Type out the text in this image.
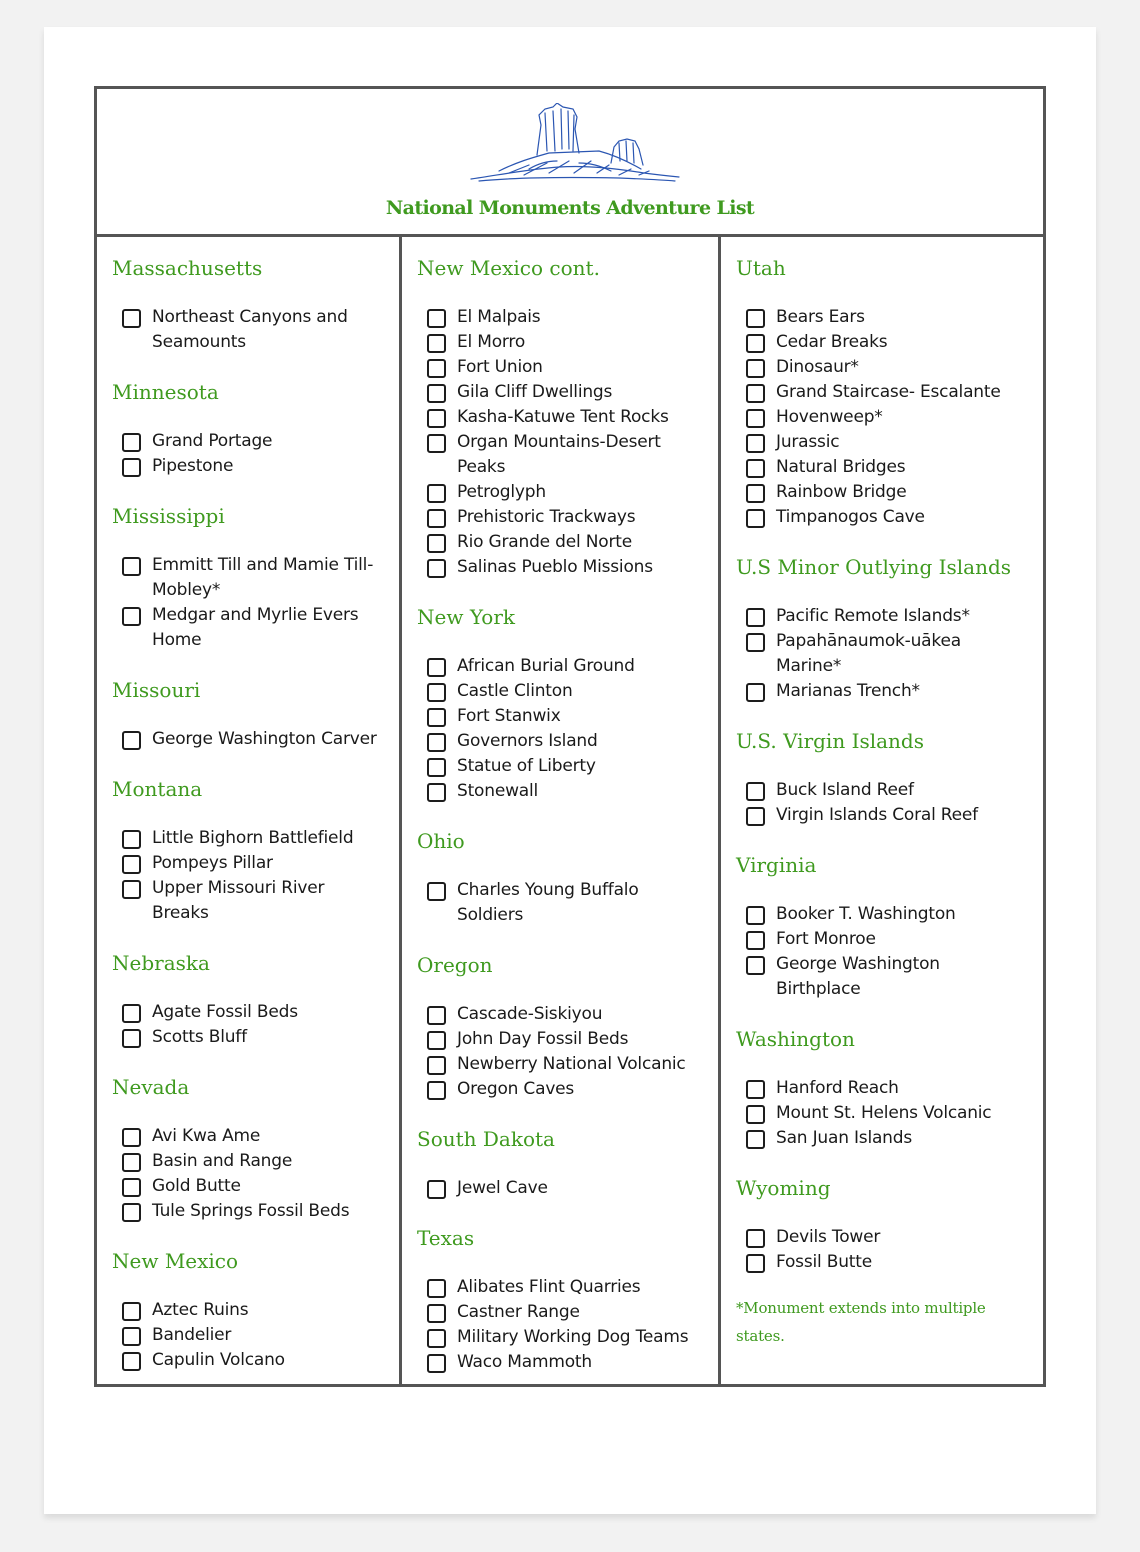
National Monuments Adventure List
Massachusetts
Northeast Canyons and
Seamounts
Minnesota
Grand Portage
Pipestone
Mississippi
Emmitt Till and Mamie Till-
Mobley*
Medgar and Myrlie Evers
Home
Missouri
George Washington Carver
Montana
Little Bighorn Battlefield
Pompeys Pillar
Upper Missouri River
Breaks
Nebraska
Agate Fossil Beds
Scotts Bluff
Nevada
Avi Kwa Ame
Basin and Range
Gold Butte
Tule Springs Fossil Beds
New Mexico
Aztec Ruins
Bandelier
Capulin Volcano
New Mexico cont.
El Malpais
El Morro
Fort Union
Gila Cliff Dwellings
Kasha-Katuwe Tent Rocks
Organ Mountains-Desert
Peaks
Petroglyph
Prehistoric Trackways
Rio Grande del Norte
Salinas Pueblo Missions
New York
African Burial Ground
Castle Clinton
Fort Stanwix
Governors Island
Statue of Liberty
Stonewall
Ohio
Charles Young Buffalo
Soldiers
Oregon
Cascade-Siskiyou
John Day Fossil Beds
Newberry National Volcanic
Oregon Caves
South Dakota
Jewel Cave
Texas
Alibates Flint Quarries
Castner Range
Military Working Dog Teams
Waco Mammoth
Utah
Bears Ears
Cedar Breaks
Dinosaur*
Grand Staircase- Escalante
Hovenweep*
Jurassic
Natural Bridges
Rainbow Bridge
Timpanogos Cave
U.S Minor Outlying Islands
Pacific Remote Islands*
Papahānaumok-uākea
Marine*
Marianas Trench*
U.S. Virgin Islands
Buck Island Reef
Virgin Islands Coral Reef
Virginia
Booker T. Washington
Fort Monroe
George Washington
Birthplace
Washington
Hanford Reach
Mount St. Helens Volcanic
San Juan Islands
Wyoming
Devils Tower
Fossil Butte
*Monument extends into multiple
states.
